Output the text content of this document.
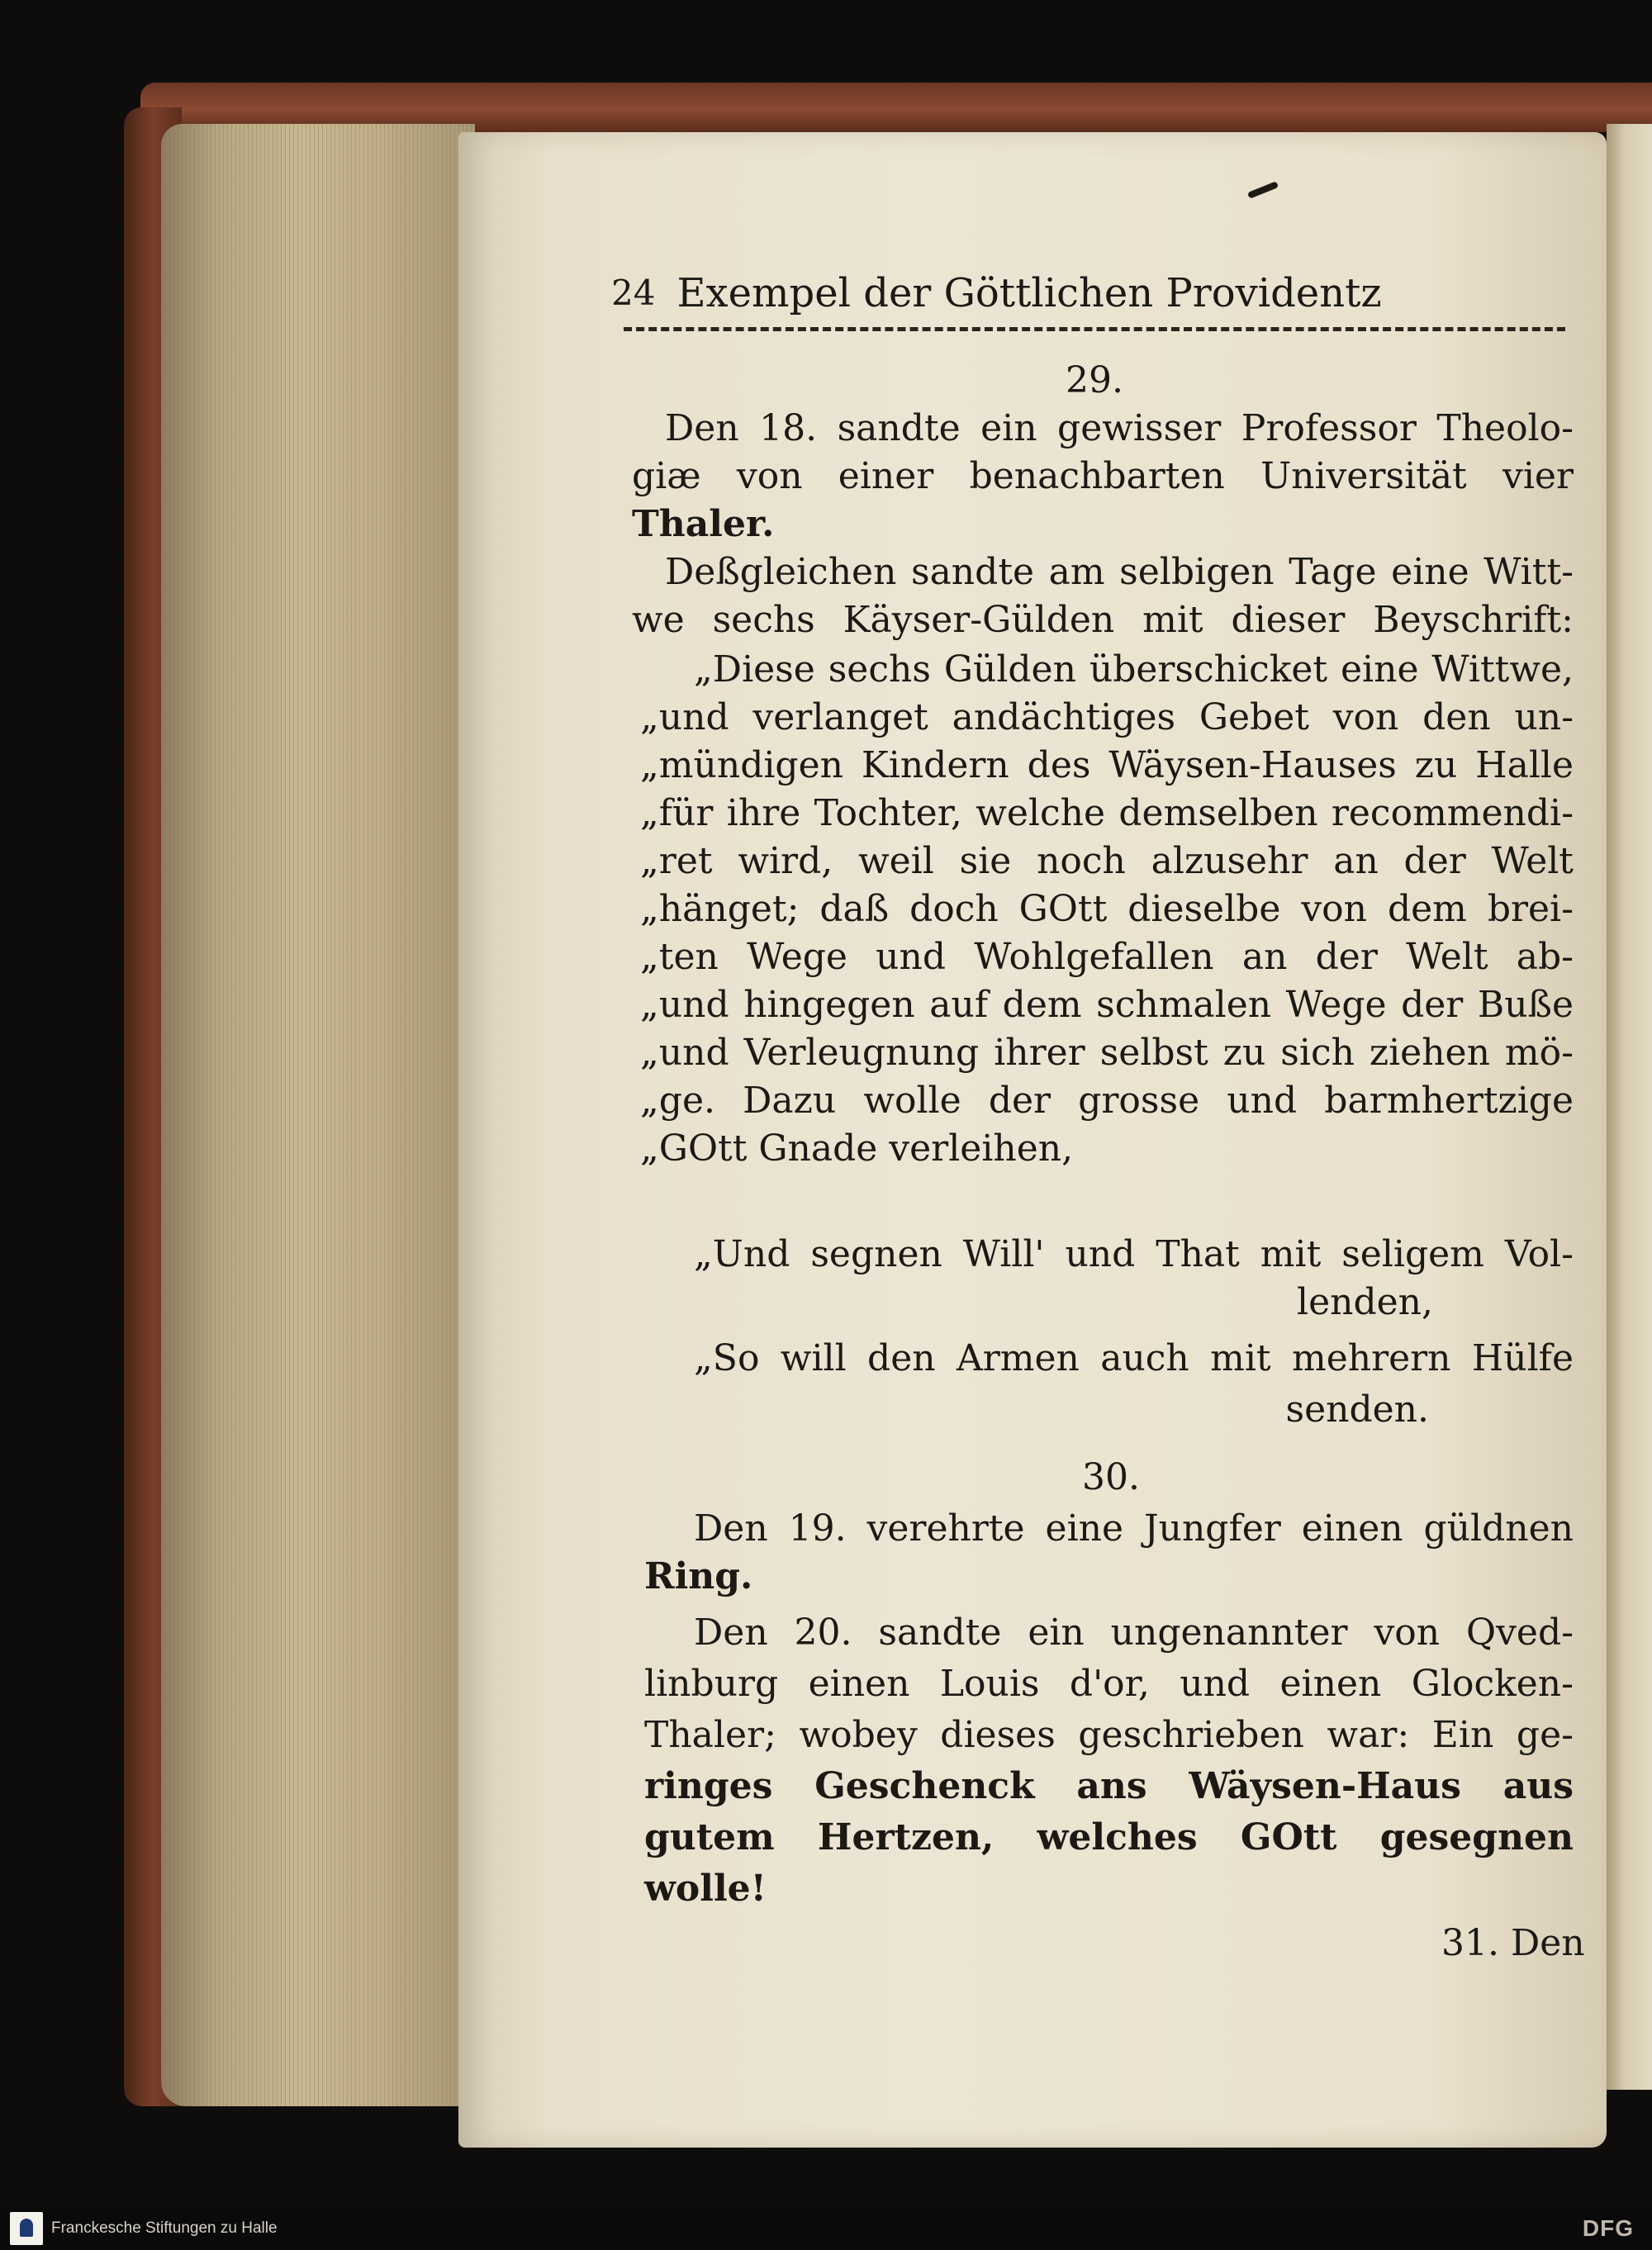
24 Exempel der Göttlichen Providentz
29.
Den 18. sandte ein gewisser Professor Theolo-
giæ von einer benachbarten Universität vier
Thaler.
Deßgleichen sandte am selbigen Tage eine Witt-
we sechs Käyser-Gülden mit dieser Beyschrift:
„Diese sechs Gülden überschicket eine Wittwe,
„und verlanget andächtiges Gebet von den un-
„mündigen Kindern des Wäysen-Hauses zu Halle
„für ihre Tochter, welche demselben recommendi-
„ret wird, weil sie noch alzusehr an der Welt
„hänget; daß doch GOtt dieselbe von dem brei-
„ten Wege und Wohlgefallen an der Welt ab-
„und hingegen auf dem schmalen Wege der Buße
„und Verleugnung ihrer selbst zu sich ziehen mö-
„ge. Dazu wolle der grosse und barmhertzige
„GOtt Gnade verleihen,
„Und segnen Will' und That mit seligem Vol-
lenden,
„So will den Armen auch mit mehrern Hülfe
senden.
30.
Den 19. verehrte eine Jungfer einen güldnen
Ring.
Den 20. sandte ein ungenannter von Qved-
linburg einen Louis d'or, und einen Glocken-
Thaler; wobey dieses geschrieben war: Ein ge-
ringes Geschenck ans Wäysen-Haus aus
gutem Hertzen, welches GOtt gesegnen
wolle!
31. Den
Franckesche Stiftungen zu Halle	DFG
